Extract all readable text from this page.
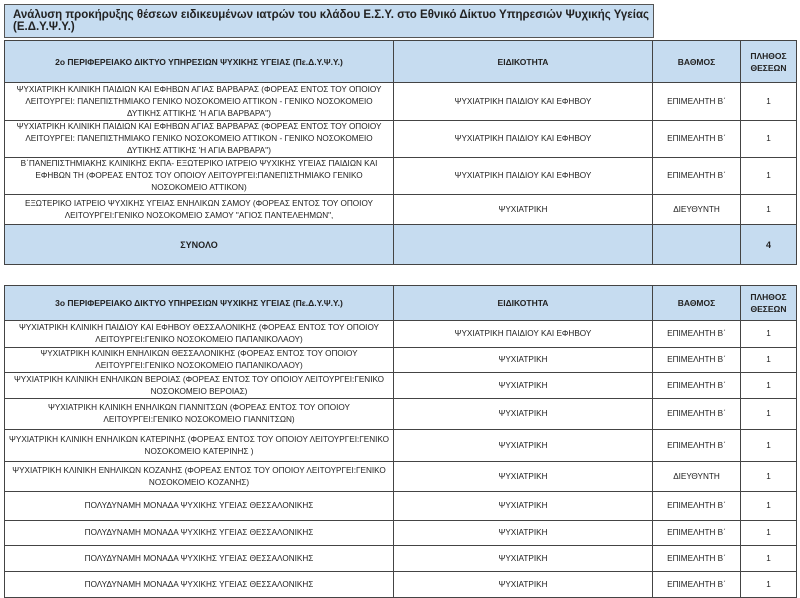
Ανάλυση προκήρυξης θέσεων ειδικευμένων ιατρών του κλάδου Ε.Σ.Υ. στο Εθνικό Δίκτυο Υπηρεσιών Ψυχικής Υγείας (Ε.Δ.Υ.Ψ.Υ.)
2ο ΠΕΡΙΦΕΡΕΙΑΚΟ ΔΙΚΤΥΟ ΥΠΗΡΕΣΙΩΝ ΨΥΧΙΚΗΣ ΥΓΕΙΑΣ (Πε.Δ.Υ.Ψ.Υ.)	ΕΙΔΙΚΟΤΗΤΑ	ΒΑΘΜΟΣ	ΠΛΗΘΟΣ ΘΕΣΕΩΝ
ΨΥΧΙΑΤΡΙΚΗ ΚΛΙΝΙΚΗ ΠΑΙΔΙΩΝ ΚΑΙ ΕΦΗΒΩΝ ΑΓΙΑΣ ΒΑΡΒΑΡΑΣ (ΦΟΡΕΑΣ ΕΝΤΟΣ ΤΟΥ ΟΠΟΙΟΥ ΛΕΙΤΟΥΡΓΕΙ: ΠΑΝΕΠΙΣΤΗΜΙΑΚΟ ΓΕΝΙΚΟ ΝΟΣΟΚΟΜΕΙΟ ΑΤΤΙΚΟΝ - ΓΕΝΙΚΟ ΝΟΣΟΚΟΜΕΙΟ ΔΥΤΙΚΗΣ ΑΤΤΙΚΗΣ 'Η ΑΓΙΑ ΒΑΡΒΑΡΑ'')	ΨΥΧΙΑΤΡΙΚΗ ΠΑΙΔΙΟΥ ΚΑΙ ΕΦΗΒΟΥ	ΕΠΙΜΕΛΗΤΗ Β΄	1
ΨΥΧΙΑΤΡΙΚΗ ΚΛΙΝΙΚΗ ΠΑΙΔΙΩΝ ΚΑΙ ΕΦΗΒΩΝ ΑΓΙΑΣ ΒΑΡΒΑΡΑΣ (ΦΟΡΕΑΣ ΕΝΤΟΣ ΤΟΥ ΟΠΟΙΟΥ ΛΕΙΤΟΥΡΓΕΙ: ΠΑΝΕΠΙΣΤΗΜΙΑΚΟ ΓΕΝΙΚΟ ΝΟΣΟΚΟΜΕΙΟ ΑΤΤΙΚΟΝ - ΓΕΝΙΚΟ ΝΟΣΟΚΟΜΕΙΟ ΔΥΤΙΚΗΣ ΑΤΤΙΚΗΣ 'Η ΑΓΙΑ ΒΑΡΒΑΡΑ'')	ΨΥΧΙΑΤΡΙΚΗ ΠΑΙΔΙΟΥ ΚΑΙ ΕΦΗΒΟΥ	ΕΠΙΜΕΛΗΤΗ Β΄	1
Β΄ΠΑΝΕΠΙΣΤΗΜΙΑΚΗΣ ΚΛΙΝΙΚΗΣ ΕΚΠΑ- ΕΞΩΤΕΡΙΚΟ ΙΑΤΡΕΙΟ ΨΥΧΙΚΗΣ ΥΓΕΙΑΣ ΠΑΙΔΙΩΝ ΚΑΙ ΕΦΗΒΩΝ ΤΗ (ΦΟΡΕΑΣ ΕΝΤΟΣ ΤΟΥ ΟΠΟΙΟΥ ΛΕΙΤΟΥΡΓΕΙ:ΠΑΝΕΠΙΣΤΗΜΙΑΚΟ ΓΕΝΙΚΟ ΝΟΣΟΚΟΜΕΙΟ ΑΤΤΙΚΟΝ)	ΨΥΧΙΑΤΡΙΚΗ ΠΑΙΔΙΟΥ ΚΑΙ ΕΦΗΒΟΥ	ΕΠΙΜΕΛΗΤΗ Β΄	1
ΕΞΩΤΕΡΙΚΟ ΙΑΤΡΕΙΟ ΨΥΧΙΚΗΣ ΥΓΕΙΑΣ ΕΝΗΛΙΚΩΝ ΣΑΜΟΥ (ΦΟΡΕΑΣ ΕΝΤΟΣ ΤΟΥ ΟΠΟΙΟΥ ΛΕΙΤΟΥΡΓΕΙ:ΓΕΝΙΚΟ ΝΟΣΟΚΟΜΕΙΟ ΣΑΜΟΥ "ΑΓΙΟΣ ΠΑΝΤΕΛΕΗΜΩΝ",	ΨΥΧΙΑΤΡΙΚΗ	ΔΙΕΥΘΥΝΤΗ	1
ΣΥΝΟΛΟ			4
3ο ΠΕΡΙΦΕΡΕΙΑΚΟ ΔΙΚΤΥΟ ΥΠΗΡΕΣΙΩΝ ΨΥΧΙΚΗΣ ΥΓΕΙΑΣ (Πε.Δ.Υ.Ψ.Υ.)	ΕΙΔΙΚΟΤΗΤΑ	ΒΑΘΜΟΣ	ΠΛΗΘΟΣ ΘΕΣΕΩΝ
ΨΥΧΙΑΤΡΙΚΗ ΚΛΙΝΙΚΗ ΠΑΙΔΙΟΥ ΚΑΙ ΕΦΗΒΟΥ ΘΕΣΣΑΛΟΝΙΚΗΣ (ΦΟΡΕΑΣ ΕΝΤΟΣ ΤΟΥ ΟΠΟΙΟΥ ΛΕΙΤΟΥΡΓΕΙ:ΓΕΝΙΚΟ ΝΟΣΟΚΟΜΕΙΟ ΠΑΠΑΝΙΚΟΛΑΟΥ)	ΨΥΧΙΑΤΡΙΚΗ ΠΑΙΔΙΟΥ ΚΑΙ ΕΦΗΒΟΥ	ΕΠΙΜΕΛΗΤΗ Β΄	1
ΨΥΧΙΑΤΡΙΚΗ ΚΛΙΝΙΚΗ ΕΝΗΛΙΚΩΝ ΘΕΣΣΑΛΟΝΙΚΗΣ (ΦΟΡΕΑΣ ΕΝΤΟΣ ΤΟΥ ΟΠΟΙΟΥ ΛΕΙΤΟΥΡΓΕΙ:ΓΕΝΙΚΟ ΝΟΣΟΚΟΜΕΙΟ ΠΑΠΑΝΙΚΟΛΑΟΥ)	ΨΥΧΙΑΤΡΙΚΗ	ΕΠΙΜΕΛΗΤΗ Β΄	1
ΨΥΧΙΑΤΡΙΚΗ ΚΛΙΝΙΚΗ ΕΝΗΛΙΚΩΝ ΒΕΡΟΙΑΣ (ΦΟΡΕΑΣ ΕΝΤΟΣ ΤΟΥ ΟΠΟΙΟΥ ΛΕΙΤΟΥΡΓΕΙ:ΓΕΝΙΚΟ ΝΟΣΟΚΟΜΕΙΟ ΒΕΡΟΙΑΣ)	ΨΥΧΙΑΤΡΙΚΗ	ΕΠΙΜΕΛΗΤΗ Β΄	1
ΨΥΧΙΑΤΡΙΚΗ ΚΛΙΝΙΚΗ ΕΝΗΛΙΚΩΝ ΓΙΑΝΝΙΤΣΩΝ (ΦΟΡΕΑΣ ΕΝΤΟΣ ΤΟΥ ΟΠΟΙΟΥ ΛΕΙΤΟΥΡΓΕΙ:ΓΕΝΙΚΟ ΝΟΣΟΚΟΜΕΙΟ ΓΙΑΝΝΙΤΣΩΝ)	ΨΥΧΙΑΤΡΙΚΗ	ΕΠΙΜΕΛΗΤΗ Β΄	1
ΨΥΧΙΑΤΡΙΚΗ ΚΛΙΝΙΚΗ ΕΝΗΛΙΚΩΝ ΚΑΤΕΡΙΝΗΣ (ΦΟΡΕΑΣ ΕΝΤΟΣ ΤΟΥ ΟΠΟΙΟΥ ΛΕΙΤΟΥΡΓΕΙ:ΓΕΝΙΚΟ ΝΟΣΟΚΟΜΕΙΟ ΚΑΤΕΡΙΝΗΣ )	ΨΥΧΙΑΤΡΙΚΗ	ΕΠΙΜΕΛΗΤΗ Β΄	1
ΨΥΧΙΑΤΡΙΚΗ ΚΛΙΝΙΚΗ ΕΝΗΛΙΚΩΝ ΚΟΖΑΝΗΣ (ΦΟΡΕΑΣ ΕΝΤΟΣ ΤΟΥ ΟΠΟΙΟΥ ΛΕΙΤΟΥΡΓΕΙ:ΓΕΝΙΚΟ ΝΟΣΟΚΟΜΕΙΟ ΚΟΖΑΝΗΣ)	ΨΥΧΙΑΤΡΙΚΗ	ΔΙΕΥΘΥΝΤΗ	1
ΠΟΛΥΔΥΝΑΜΗ ΜΟΝΑΔΑ ΨΥΧΙΚΗΣ ΥΓΕΙΑΣ ΘΕΣΣΑΛΟΝΙΚΗΣ	ΨΥΧΙΑΤΡΙΚΗ	ΕΠΙΜΕΛΗΤΗ Β΄	1
ΠΟΛΥΔΥΝΑΜΗ ΜΟΝΑΔΑ ΨΥΧΙΚΗΣ ΥΓΕΙΑΣ ΘΕΣΣΑΛΟΝΙΚΗΣ	ΨΥΧΙΑΤΡΙΚΗ	ΕΠΙΜΕΛΗΤΗ Β΄	1
ΠΟΛΥΔΥΝΑΜΗ ΜΟΝΑΔΑ ΨΥΧΙΚΗΣ ΥΓΕΙΑΣ ΘΕΣΣΑΛΟΝΙΚΗΣ	ΨΥΧΙΑΤΡΙΚΗ	ΕΠΙΜΕΛΗΤΗ Β΄	1
ΠΟΛΥΔΥΝΑΜΗ ΜΟΝΑΔΑ ΨΥΧΙΚΗΣ ΥΓΕΙΑΣ ΘΕΣΣΑΛΟΝΙΚΗΣ	ΨΥΧΙΑΤΡΙΚΗ	ΕΠΙΜΕΛΗΤΗ Β΄	1
